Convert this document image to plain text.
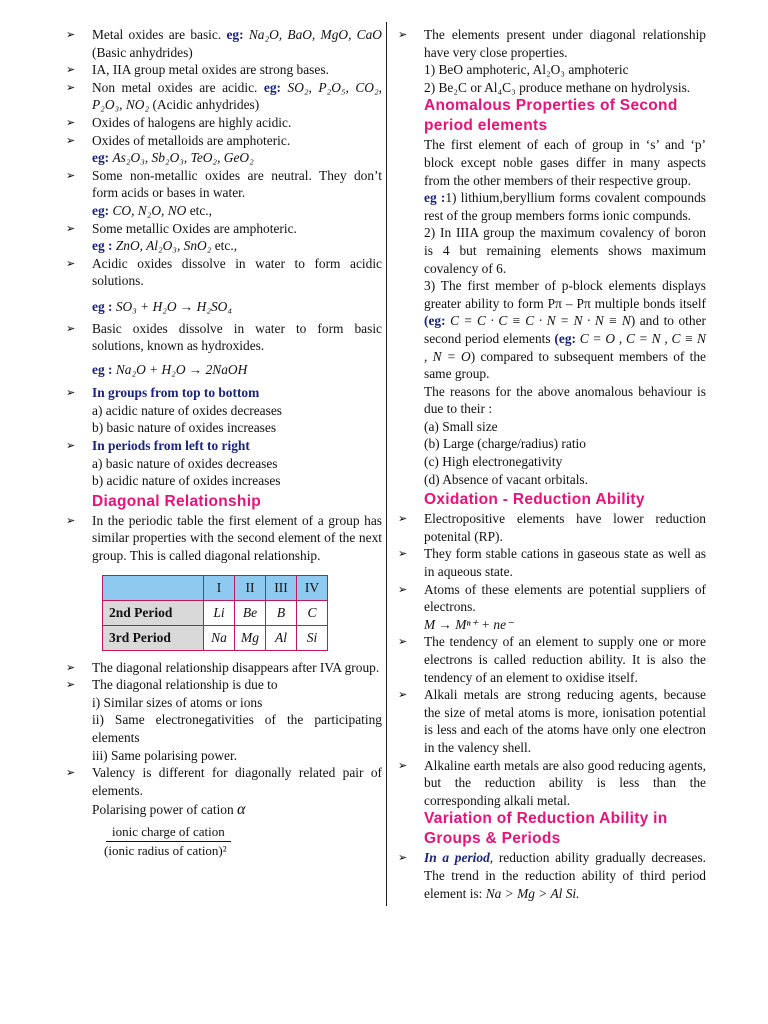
➢ Metal oxides are basic. eg: Na₂O, BaO, MgO, CaO (Basic anhydrides)
➢ IA, IIA group metal oxides are strong bases.
➢ Non metal oxides are acidic. eg: SO₂, P₂O₅, CO₂, P₂O₃, NO₂ (Acidic anhydrides)
➢ Oxides of halogens are highly acidic.
➢ Oxides of metalloids are amphoteric.
eg: As₂O₃, Sb₂O₃, TeO₂, GeO₂
➢ Some non-metallic oxides are neutral. They don’t form acids or bases in water.
eg: CO, N₂O, NO etc.,
➢ Some metallic Oxides are amphoteric.
eg : ZnO, Al₂O₃, SnO₂ etc.,
➢ Acidic oxides dissolve in water to form acidic solutions.
eg : SO₃ + H₂O → H₂SO₄
➢ Basic oxides dissolve in water to form basic solutions, known as hydroxides.
eg : Na₂O + H₂O → 2NaOH
➢ In groups from top to bottom
a) acidic nature of oxides decreases
b) basic nature of oxides increases
➢ In periods from left to right
a) basic nature of oxides decreases
b) acidic nature of oxides increases
Diagonal Relationship
➢ In the periodic table the first element of a group has similar properties with the second element of the next group. This is called diagonal relationship.
	I	II	III	IV
2nd Period	Li	Be	B	C
3rd Period	Na	Mg	Al	Si
➢ The diagonal relationship disappears after IVA group.
➢ The diagonal relationship is due to
i) Similar sizes of atoms or ions
ii) Same electronegativities of the participating elements
iii) Same polarising power.
➢ Valency is different for diagonally related pair of elements.
Polarising power of cation α
ionic charge of cation
(ionic radius of cation)²
➢ The elements present under diagonal relationship have very close properties.
1) BeO amphoteric, Al₂O₃ amphoteric
2) Be₂C or Al₄C₃ produce methane on hydrolysis.
Anomalous Properties of Second period elements
The first element of each of group in ‘s’ and ‘p’ block except noble gases differ in many aspects from the other members of their respective group.
eg :1) lithium,beryllium forms covalent compounds rest of the group members forms ionic compunds.
2) In IIIA group the maximum covalency of boron is 4 but remaining elements shows maximum covalency of 6.
3) The first member of p-block elements displays greater ability to form Pπ – Pπ multiple bonds itself (eg: C = C · C ≡ C · N = N · N ≡ N) and to other second period elements (eg: C = O , C = N , C ≡ N , N = O) compared to subsequent members of the same group.
The reasons for the above anomalous behaviour is due to their :
(a) Small size
(b) Large (charge/radius) ratio
(c) High electronegativity
(d) Absence of vacant orbitals.
Oxidation - Reduction Ability
➢ Electropositive elements have lower reduction potenital (RP).
➢ They form stable cations in gaseous state as well as in aqueous state.
➢ Atoms of these elements are potential suppliers of electrons.
M → Mⁿ⁺ + ne⁻
➢ The tendency of an element to supply one or more electrons is called reduction ability. It is also the tendency of an element to oxidise itself.
➢ Alkali metals are strong reducing agents, because the size of metal atoms is more, ionisation potential is less and each of the atoms have only one electron in the valency shell.
➢ Alkaline earth metals are also good reducing agents, but the reduction ability is less than the corresponding alkali metal.
Variation of Reduction Ability in Groups & Periods
➢ In a period, reduction ability gradually decreases. The trend in the reduction ability of third period element is: Na > Mg > Al Si.
